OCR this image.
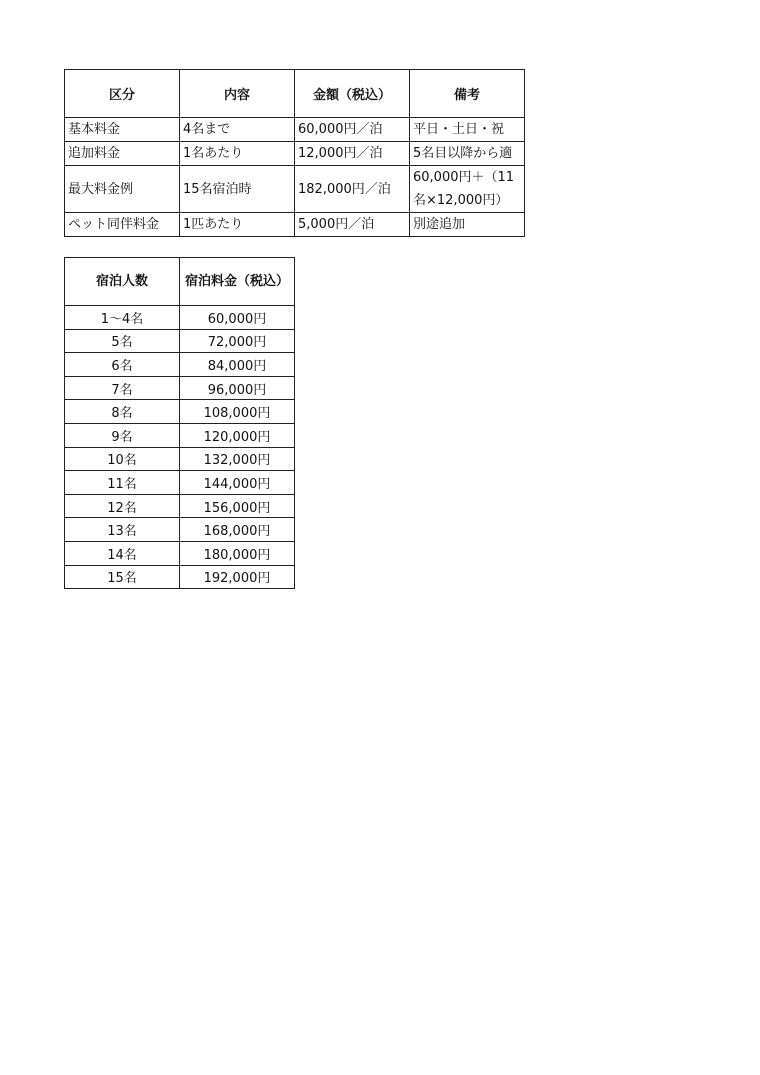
区分	内容	金額（税込）	備考
基本料金	4名まで	60,000円／泊	平日・土日・祝
追加料金	1名あたり	12,000円／泊	5名目以降から適
最大料金例	15名宿泊時	182,000円／泊	60,000円＋（11名×12,000円）
ペット同伴料金	1匹あたり	5,000円／泊	別途追加
宿泊人数	宿泊料金（税込）
1～4名	60,000円
5名	72,000円
6名	84,000円
7名	96,000円
8名	108,000円
9名	120,000円
10名	132,000円
11名	144,000円
12名	156,000円
13名	168,000円
14名	180,000円
15名	192,000円
